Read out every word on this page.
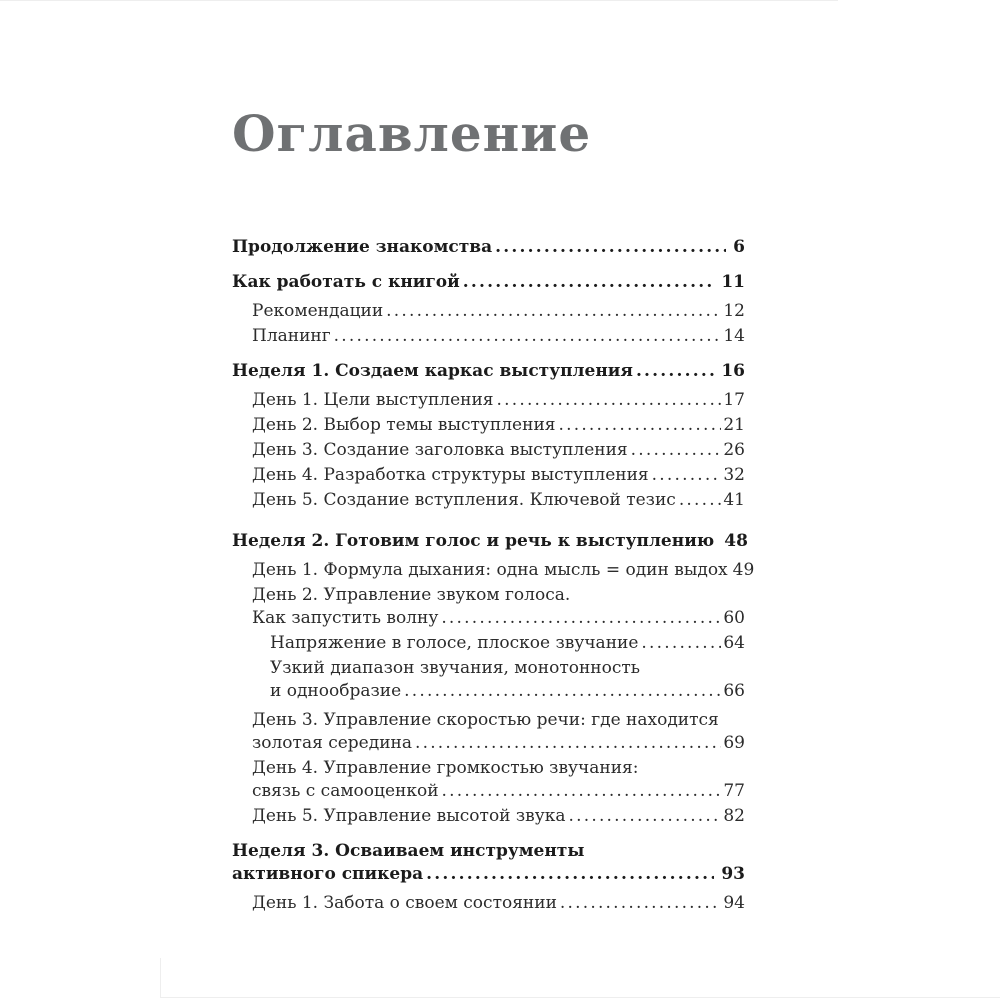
Оглавление
Продолжение знакомства .....	6
Как работать с книгой .....	11
Рекомендации .....	12
Планинг .....	14
Неделя 1. Создаем каркас выступления .....	16
День 1. Цели выступления .....	17
День 2. Выбор темы выступления .....	21
День 3. Создание заголовка выступления .....	26
День 4. Разработка структуры выступления .....	32
День 5. Создание вступления. Ключевой тезис .....	41
Неделя 2. Готовим голос и речь к выступлению 48
День 1. Формула дыхания: одна мысль = один выдох 49
День 2. Управление звуком голоса.
Как запустить волну .....	60
Напряжение в голосе, плоское звучание .....	64
Узкий диапазон звучания, монотонность
и однообразие .....	66
День 3. Управление скоростью речи: где находится
золотая середина .....	69
День 4. Управление громкостью звучания:
связь с самооценкой .....	77
День 5. Управление высотой звука .....	82
Неделя 3. Осваиваем инструменты
активного спикера .....	93
День 1. Забота о своем состоянии .....	94
